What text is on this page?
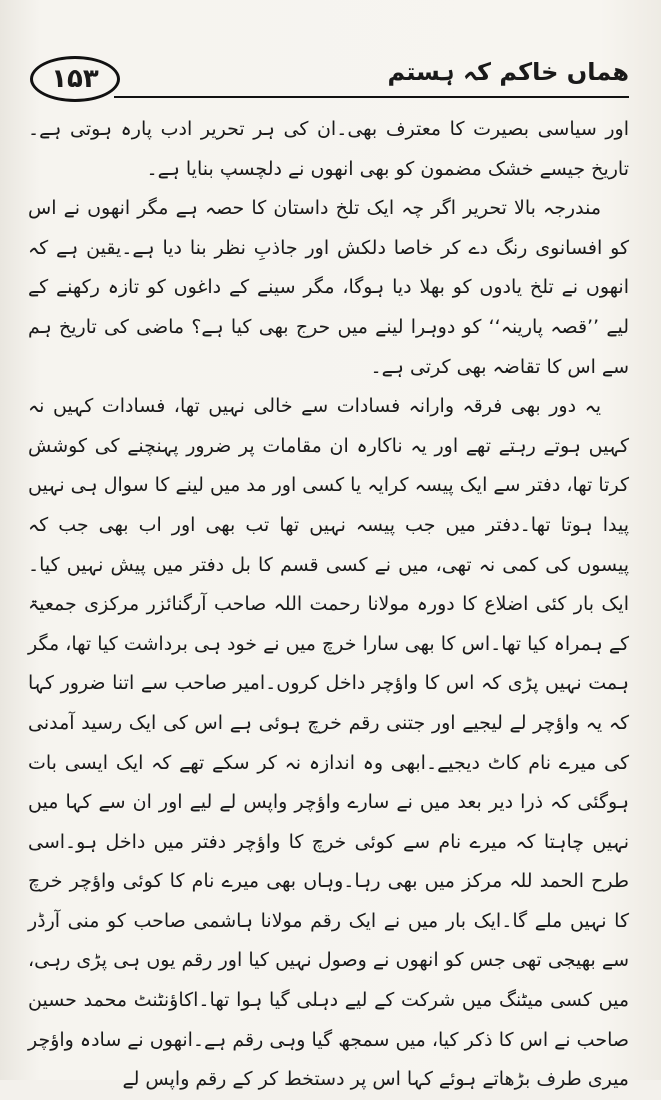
۱۵۳	ھماں خاکم کہ ہستم

اور سیاسی بصیرت کا معترف بھی۔ان کی ہر تحریر ادب پارہ ہوتی ہے۔تاریخ جیسے خشک مضمون کو بھی انھوں نے دلچسپ بنایا ہے۔

مندرجہ بالا تحریر اگر چہ ایک تلخ داستان کا حصہ ہے مگر انھوں نے اس کو افسانوی رنگ دے کر خاصا دلکش اور جاذبِ نظر بنا دیا ہے۔یقین ہے کہ انھوں نے تلخ یادوں کو بھلا دیا ہوگا، مگر سینے کے داغوں کو تازہ رکھنے کے لیے ’’قصہ پارینہ‘‘ کو دوہرا لینے میں حرج بھی کیا ہے؟ ماضی کی تاریخ ہم سے اس کا تقاضہ بھی کرتی ہے۔

یہ دور بھی فرقہ وارانہ فسادات سے خالی نہیں تھا، فسادات کہیں نہ کہیں ہوتے رہتے تھے اور یہ ناکارہ ان مقامات پر ضرور پہنچنے کی کوشش کرتا تھا، دفتر سے ایک پیسہ کرایہ یا کسی اور مد میں لینے کا سوال ہی نہیں پیدا ہوتا تھا۔دفتر میں جب پیسہ نہیں تھا تب بھی اور اب بھی جب کہ پیسوں کی کمی نہ تھی، میں نے کسی قسم کا بل دفتر میں پیش نہیں کیا۔ایک بار کئی اضلاع کا دورہ مولانا رحمت اللہ صاحب آرگنائزر مرکزی جمعیۃ کے ہمراہ کیا تھا۔اس کا بھی سارا خرچ میں نے خود ہی برداشت کیا تھا، مگر ہمت نہیں پڑی کہ اس کا واؤچر داخل کروں۔امیر صاحب سے اتنا ضرور کہا کہ یہ واؤچر لے لیجیے اور جتنی رقم خرچ ہوئی ہے اس کی ایک رسید آمدنی کی میرے نام کاٹ دیجیے۔ابھی وہ اندازہ نہ کر سکے تھے کہ ایک ایسی بات ہوگئی کہ ذرا دیر بعد میں نے سارے واؤچر واپس لے لیے اور ان سے کہا میں نہیں چاہتا کہ میرے نام سے کوئی خرچ کا واؤچر دفتر میں داخل ہو۔اسی طرح الحمد للہ مرکز میں بھی رہا۔وہاں بھی میرے نام کا کوئی واؤچر خرچ کا نہیں ملے گا۔ایک بار میں نے ایک رقم مولانا ہاشمی صاحب کو منی آرڈر سے بھیجی تھی جس کو انھوں نے وصول نہیں کیا اور رقم یوں ہی پڑی رہی، میں کسی میٹنگ میں شرکت کے لیے دہلی گیا ہوا تھا۔اکاؤنٹنٹ محمد حسین صاحب نے اس کا ذکر کیا، میں سمجھ گیا وہی رقم ہے۔انھوں نے سادہ واؤچر میری طرف بڑھاتے ہوئے کہا اس پر دستخط کر کے رقم واپس لے
